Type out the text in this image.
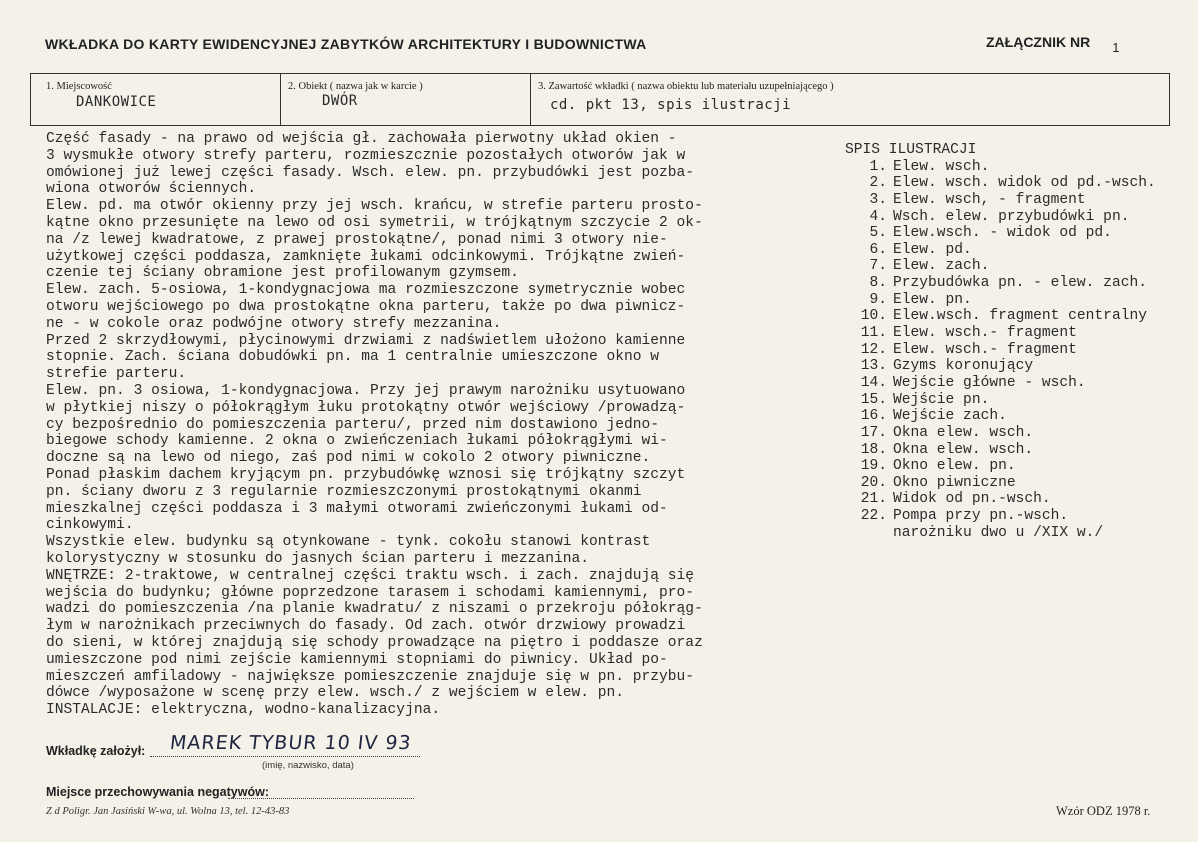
WKŁADKA DO KARTY EWIDENCYJNEJ ZABYTKÓW ARCHITEKTURY I BUDOWNICTWA	ZAŁĄCZNIK NR 1
1. Miejscowość
DANKOWICE
2. Obiekt ( nazwa jak w karcie )
DWÓR
3. Zawartość wkładki ( nazwa obiektu lub materiału uzupełniającego )
cd. pkt 13, spis ilustracji
Część fasady - na prawo od wejścia gł. zachowała pierwotny układ okien -
3 wysmukłe otwory strefy parteru, rozmieszcznie pozostałych otworów jak w
omówionej już lewej części fasady. Wsch. elew. pn. przybudówki jest pozba-
wiona otworów ściennych.
Elew. pd. ma otwór okienny przy jej wsch. krańcu, w strefie parteru prosto-
kątne okno przesunięte na lewo od osi symetrii, w trójkątnym szczycie 2 ok-
na /z lewej kwadratowe, z prawej prostokątne/, ponad nimi 3 otwory nie-
użytkowej części poddasza, zamknięte łukami odcinkowymi. Trójkątne zwień-
czenie tej ściany obramione jest profilowanym gzymsem.
Elew. zach. 5-osiowa, 1-kondygnacjowa ma rozmieszczone symetrycznie wobec
otworu wejściowego po dwa prostokątne okna parteru, także po dwa piwnicz-
ne - w cokole oraz podwójne otwory strefy mezzanina.
Przed 2 skrzydłowymi, płycinowymi drzwiami z nadświetlem ułożono kamienne
stopnie. Zach. ściana dobudówki pn. ma 1 centralnie umieszczone okno w
strefie parteru.
Elew. pn. 3 osiowa, 1-kondygnacjowa. Przy jej prawym narożniku usytuowano
w płytkiej niszy o półokrągłym łuku protokątny otwór wejściowy /prowadzą-
cy bezpośrednio do pomieszczenia parteru/, przed nim dostawiono jedno-
biegowe schody kamienne. 2 okna o zwieńczeniach łukami półokrągłymi wi-
doczne są na lewo od niego, zaś pod nimi w cokolo 2 otwory piwniczne.
Ponad płaskim dachem kryjącym pn. przybudówkę wznosi się trójkątny szczyt
pn. ściany dworu z 3 regularnie rozmieszczonymi prostokątnymi okanmi
mieszkalnej części poddasza i 3 małymi otworami zwieńczonymi łukami od-
cinkowymi.
Wszystkie elew. budynku są otynkowane - tynk. cokołu stanowi kontrast
kolorystyczny w stosunku do jasnych ścian parteru i mezzanina.
WNĘTRZE: 2-traktowe, w centralnej części traktu wsch. i zach. znajdują się
wejścia do budynku; główne poprzedzone tarasem i schodami kamiennymi, pro-
wadzi do pomieszczenia /na planie kwadratu/ z niszami o przekroju półokrąg-
łym w narożnikach przeciwnych do fasady. Od zach. otwór drzwiowy prowadzi
do sieni, w której znajdują się schody prowadzące na piętro i poddasze oraz
umieszczone pod nimi zejście kamiennymi stopniami do piwnicy. Układ po-
mieszczeń amfiladowy - największe pomieszczenie znajduje się w pn. przybu-
dówce /wyposażone w scenę przy elew. wsch./ z wejściem w elew. pn.
INSTALACJE: elektryczna, wodno-kanalizacyjna.
SPIS ILUSTRACJI
1. Elew. wsch.
2. Elew. wsch. widok od pd.-wsch.
3. Elew. wsch, - fragment
4. Wsch. elew. przybudówki pn.
5. Elew.wsch. - widok od pd.
6. Elew. pd.
7. Elew. zach.
8. Przybudówka pn. - elew. zach.
9. Elew. pn.
10. Elew.wsch. fragment centralny
11. Elew. wsch.- fragment
12. Elew. wsch.- fragment
13. Gzyms koronujący
14. Wejście główne - wsch.
15. Wejście pn.
16. Wejście zach.
17. Okna elew. wsch.
18. Okna elew. wsch.
19. Okno elew. pn.
20. Okno piwniczne
21. Widok od pn.-wsch.
22. Pompa przy pn.-wsch.
narożniku dwo u /XIX w./
Wkładkę założył: MAREK TYBUR 10 IV 93
(imię, nazwisko, data)
Miejsce przechowywania negatywów:
Z d Poligr. Jan Jasiński W-wa, ul. Wolna 13, tel. 12-43-83	Wzór ODZ 1978 r.
